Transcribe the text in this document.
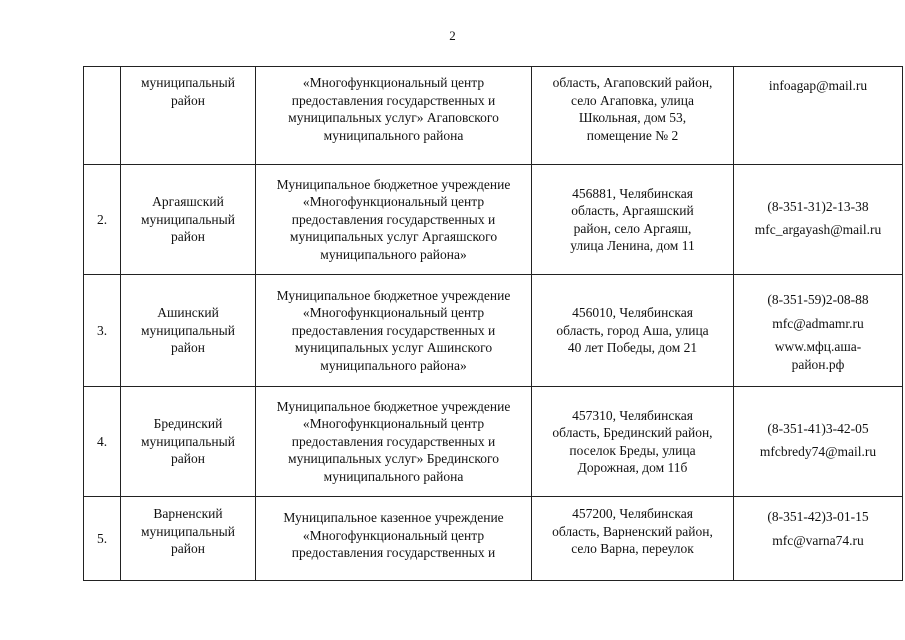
2

	муниципальный
район	«Многофункциональный центр
предоставления государственных и
муниципальных услуг» Агаповского
муниципального района	область, Агаповский район,
село Агаповка, улица
Школьная, дом 53,
помещение № 2	infoagap@mail.ru

2.	Аргаяшский
муниципальный
район	Муниципальное бюджетное учреждение
«Многофункциональный центр
предоставления государственных и
муниципальных услуг Аргаяшского
муниципального района»	456881, Челябинская
область, Аргаяшский
район, село Аргаяш,
улица Ленина, дом 11	(8-351-31)2-13-38
mfc_argayash@mail.ru

3.	Ашинский
муниципальный
район	Муниципальное бюджетное учреждение
«Многофункциональный центр
предоставления государственных и
муниципальных услуг Ашинского
муниципального района»	456010, Челябинская
область, город Аша, улица
40 лет Победы, дом 21	(8-351-59)2-08-88
mfc@admamr.ru
www.мфц.аша-
район.рф

4.	Брединский
муниципальный
район	Муниципальное бюджетное учреждение
«Многофункциональный центр
предоставления государственных и
муниципальных услуг» Брединского
муниципального района	457310, Челябинская
область, Брединский район,
поселок Бреды, улица
Дорожная, дом 11б	(8-351-41)3-42-05
mfcbredy74@mail.ru

5.	Варненский
муниципальный
район	Муниципальное казенное учреждение
«Многофункциональный центр
предоставления государственных и	457200, Челябинская
область, Варненский район,
село Варна, переулок	(8-351-42)3-01-15
mfc@varna74.ru
